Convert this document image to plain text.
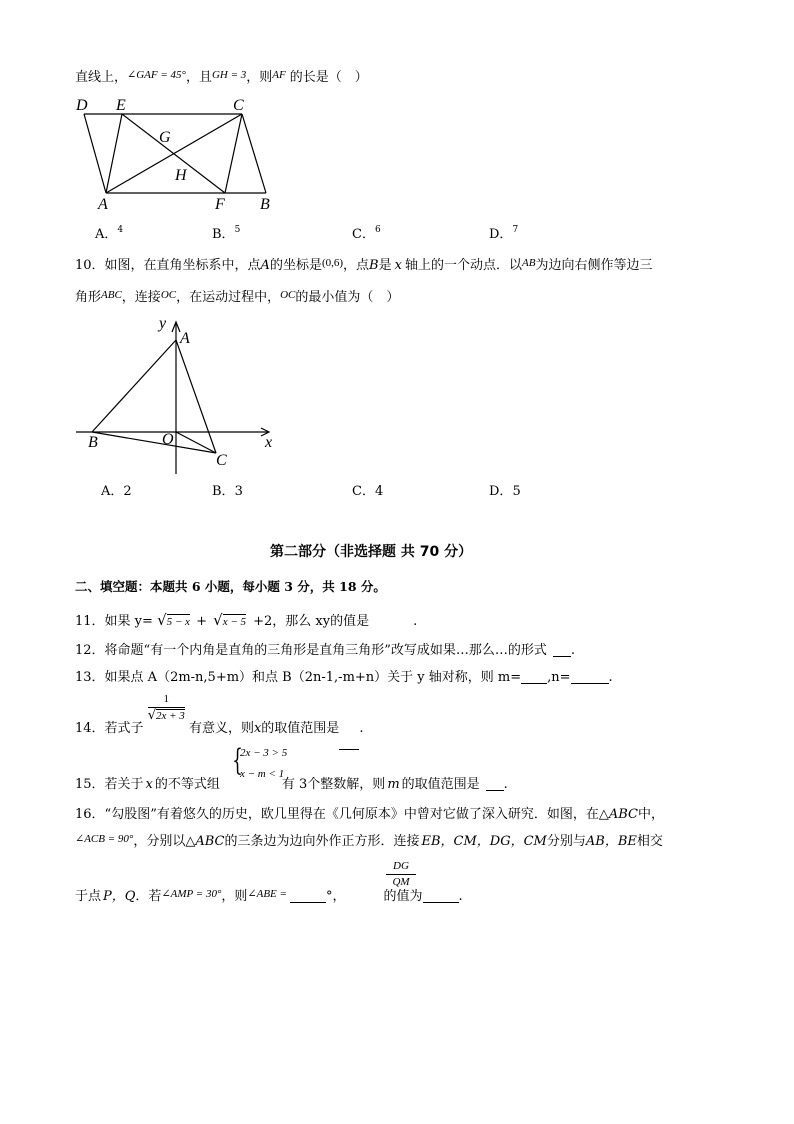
直线上，$^{\angle GAF = 45^\circ}$，且$^{GH = 3}$，则$^{AF}$ 的长是（　）
D E	C
G
H
A	F B
A．$^4$	B．$^5$	C．$^6$	D．$^7$
10．如图，在直角坐标系中，点A的坐标是$^{(0,6)}$，点B是 x 轴上的一个动点．以$^{AB}$为边向右侧作等边三
角形$^{ABC}$，连接$^{OC}$，在运动过程中，$^{OC}$的最小值为（　）
y
A
B	O	x
C
A．2	B．3	C．4	D．5
第二部分（非选择题 共 70 分）
二、填空题：本题共 6 小题，每小题 3 分，共 18 分。
11．如果 y= √5 − x + √x − 5 +2，那么 xy的值是	.
12．将命题“有一个内角是直角的三角形是直角三角形”改写成如果…那么…的形式 .
13．如果点 A（2m-n,5+m）和点 B（2n-1,-m+n）关于 y 轴对称，则 m= ,n=	.
14．若式子
1
√2x + 3
有意义，则x的取值范围是 .
{
2x − 3 > 5
x − m < 1
15．若关于 x 的不等式组	有 3个整数解，则 m 的取值范围是 .
16．“勾股图”有着悠久的历史，欧几里得在《几何原本》中曾对它做了深入研究．如图，在△ABC中，
$^{\angle ACB = 90^\circ}$，分别以△ABC的三条边为边向外作正方形．连接 EB，CM，DG，CM分别与AB，BE相交
DG
QM
于点 P，Q．若$^{\angle AMP = 30^\circ}$，则$^{\angle ABE =}$	°，	的值为	.
